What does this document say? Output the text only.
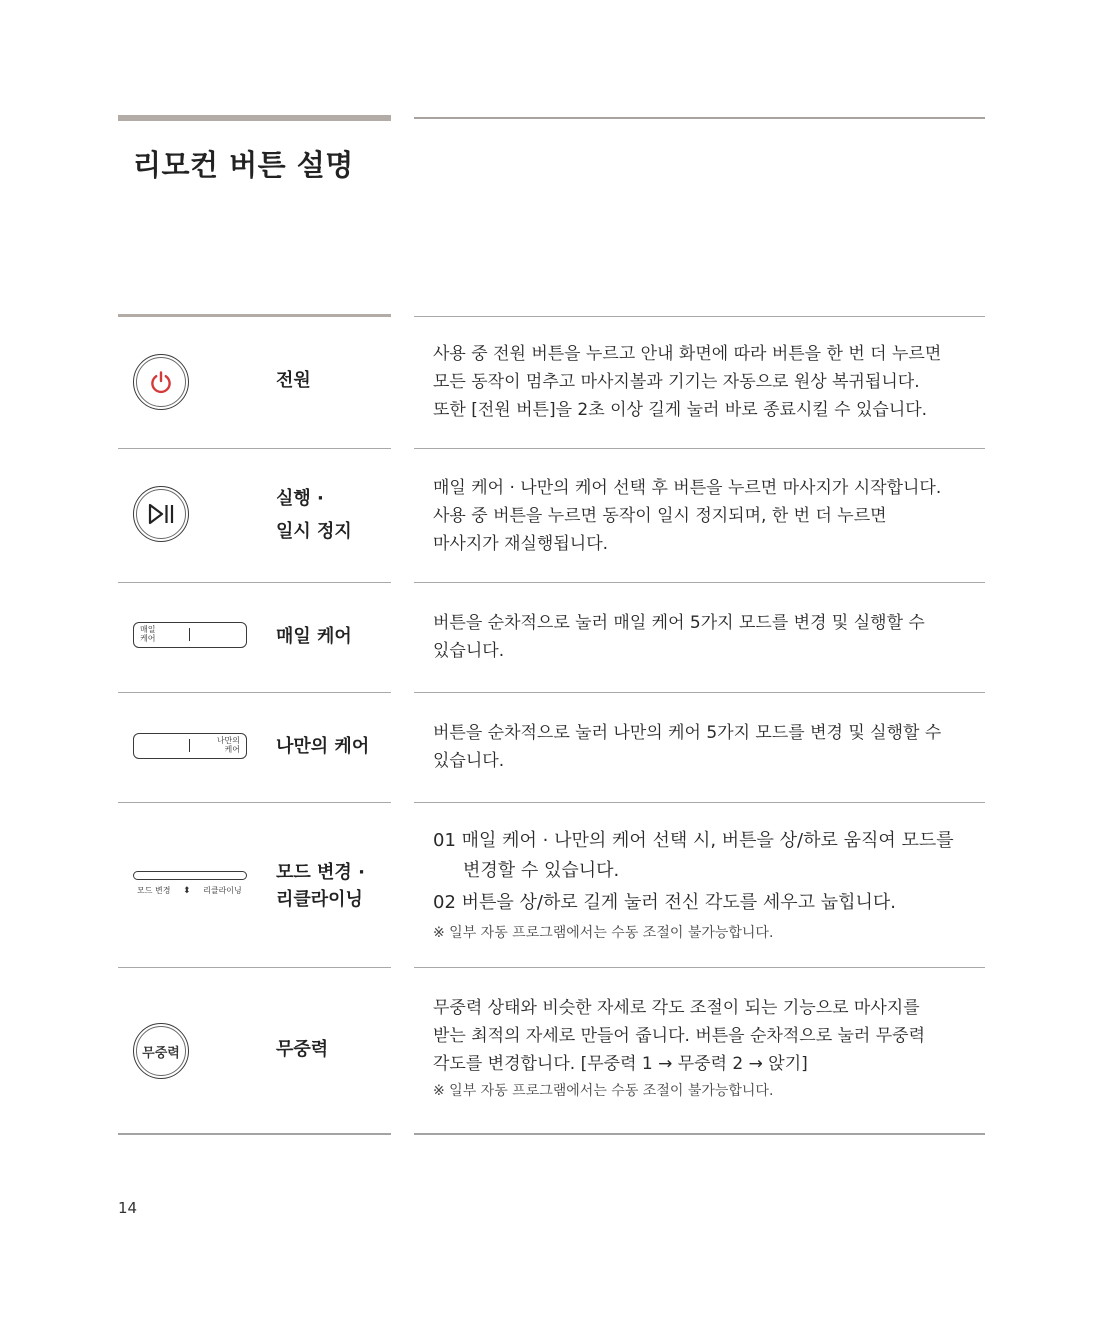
리모컨 버튼 설명
전원

사용 중 전원 버튼을 누르고 안내 화면에 따라 버튼을 한 번 더 누르면

모든 동작이 멈추고 마사지볼과 기기는 자동으로 원상 복귀됩니다.

또한 [전원 버튼]을 2초 이상 길게 눌러 바로 종료시킬 수 있습니다.

실행 ·
일시 정지

매일 케어 · 나만의 케어 선택 후 버튼을 누르면 마사지가 시작합니다.

사용 중 버튼을 누르면 동작이 일시 정지되며, 한 번 더 누르면

마사지가 재실행됩니다.

매일
케어	매일 케어

버튼을 순차적으로 눌러 매일 케어 5가지 모드를 변경 및 실행할 수

있습니다.

나만의
케어 나만의 케어

버튼을 순차적으로 눌러 나만의 케어 5가지 모드를 변경 및 실행할 수

있습니다.

모드 변경 ⬍ 리클라이닝
모드 변경 ·
리클라이닝

01 매일 케어 · 나만의 케어 선택 시, 버튼을 상/하로 움직여 모드를

변경할 수 있습니다.

02 버튼을 상/하로 길게 눌러 전신 각도를 세우고 눕힙니다.

※ 일부 자동 프로그램에서는 수동 조절이 불가능합니다.

무중력	무중력

무중력 상태와 비슷한 자세로 각도 조절이 되는 기능으로 마사지를

받는 최적의 자세로 만들어 줍니다. 버튼을 순차적으로 눌러 무중력

각도를 변경합니다. [무중력 1 → 무중력 2 → 앉기]

※ 일부 자동 프로그램에서는 수동 조절이 불가능합니다.

14
